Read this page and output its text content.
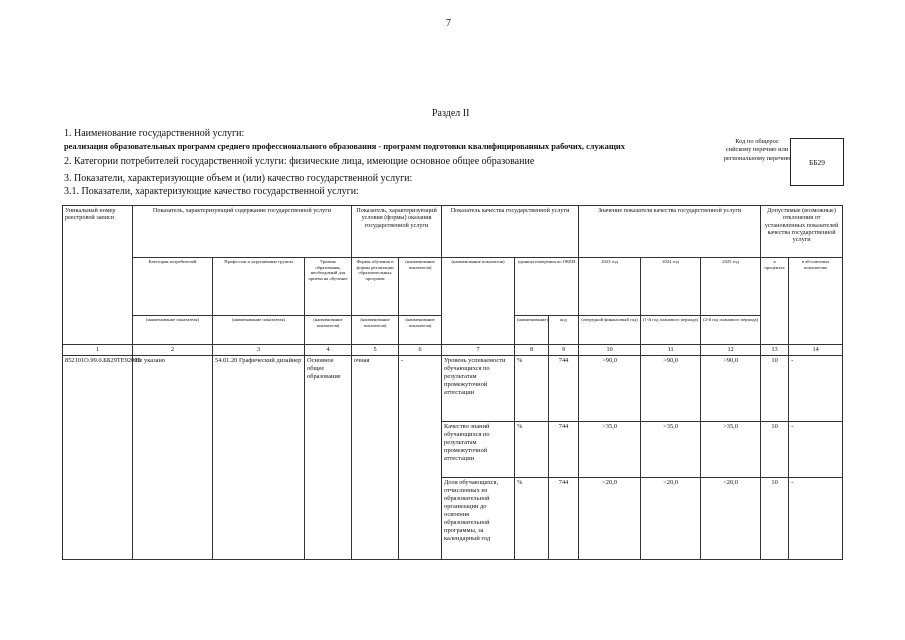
7
Раздел II
1. Наименование государственной услуги:
реализация образовательных программ среднего профессионального образования - программ подготовки квалифицированных рабочих, служащих
2. Категории потребителей государственной услуги: физические лица, имеющие основное общее образование
3. Показатели, характеризующие объем и (или) качество государственной услуги:
3.1. Показатели, характеризующие качество государственной услуги:
Код по общерос сийскому перечню или региональному перечню	ББ29
Уникальный номер реестровой записи	Показатель, характеризующий содержание государственной услуги			Показатель, характеризующий условия (формы) оказания государственной услуги		Показатель качества государственной услуги			Значение показателя качества государственной услуги			Допустимые (возможные) отклонения от установленных показателей качества государственной услуги	
	Категория потребителей	Профессии и укрупненные группы	Уровень образования, необходимый для приема на обучение	Формы обучения и формы реализации образовательных программ	(наименование показателя)	(наименование показателя)	единица измерения по ОКЕИ		2023 год	2024 год	2025 год	в процентах	в абсолютных показателях
	(наименование показателя)	(наименование показателя)	(наименование показателя)	(наименование показателя)	(наименование показателя)		(наименование)	код	(очередной финансовый год)	(1-й год планового периода)	(2-й год планового периода)		
1	2	3	4	5	6	7	8	9	10	11	12	13	14
852101О.99.0.ББ29ТЕ92002	Не указано	54.01.20 Графический дизайнер	Основное общее образование	очная	-	Уровень успеваемости обучающихся по результатам промежуточной аттестации	%	744	>90,0	>90,0	>90,0	10	-
						Качество знаний обучающихся по результатам промежуточной аттестации	%	744	>35,0	>35,0	>35,0	10	-
						Доля обучающихся, отчисленных из образовательной организации до освоения образовательной программы, за календарный год	%	744	<20,0	<20,0	<20,0	10	-
